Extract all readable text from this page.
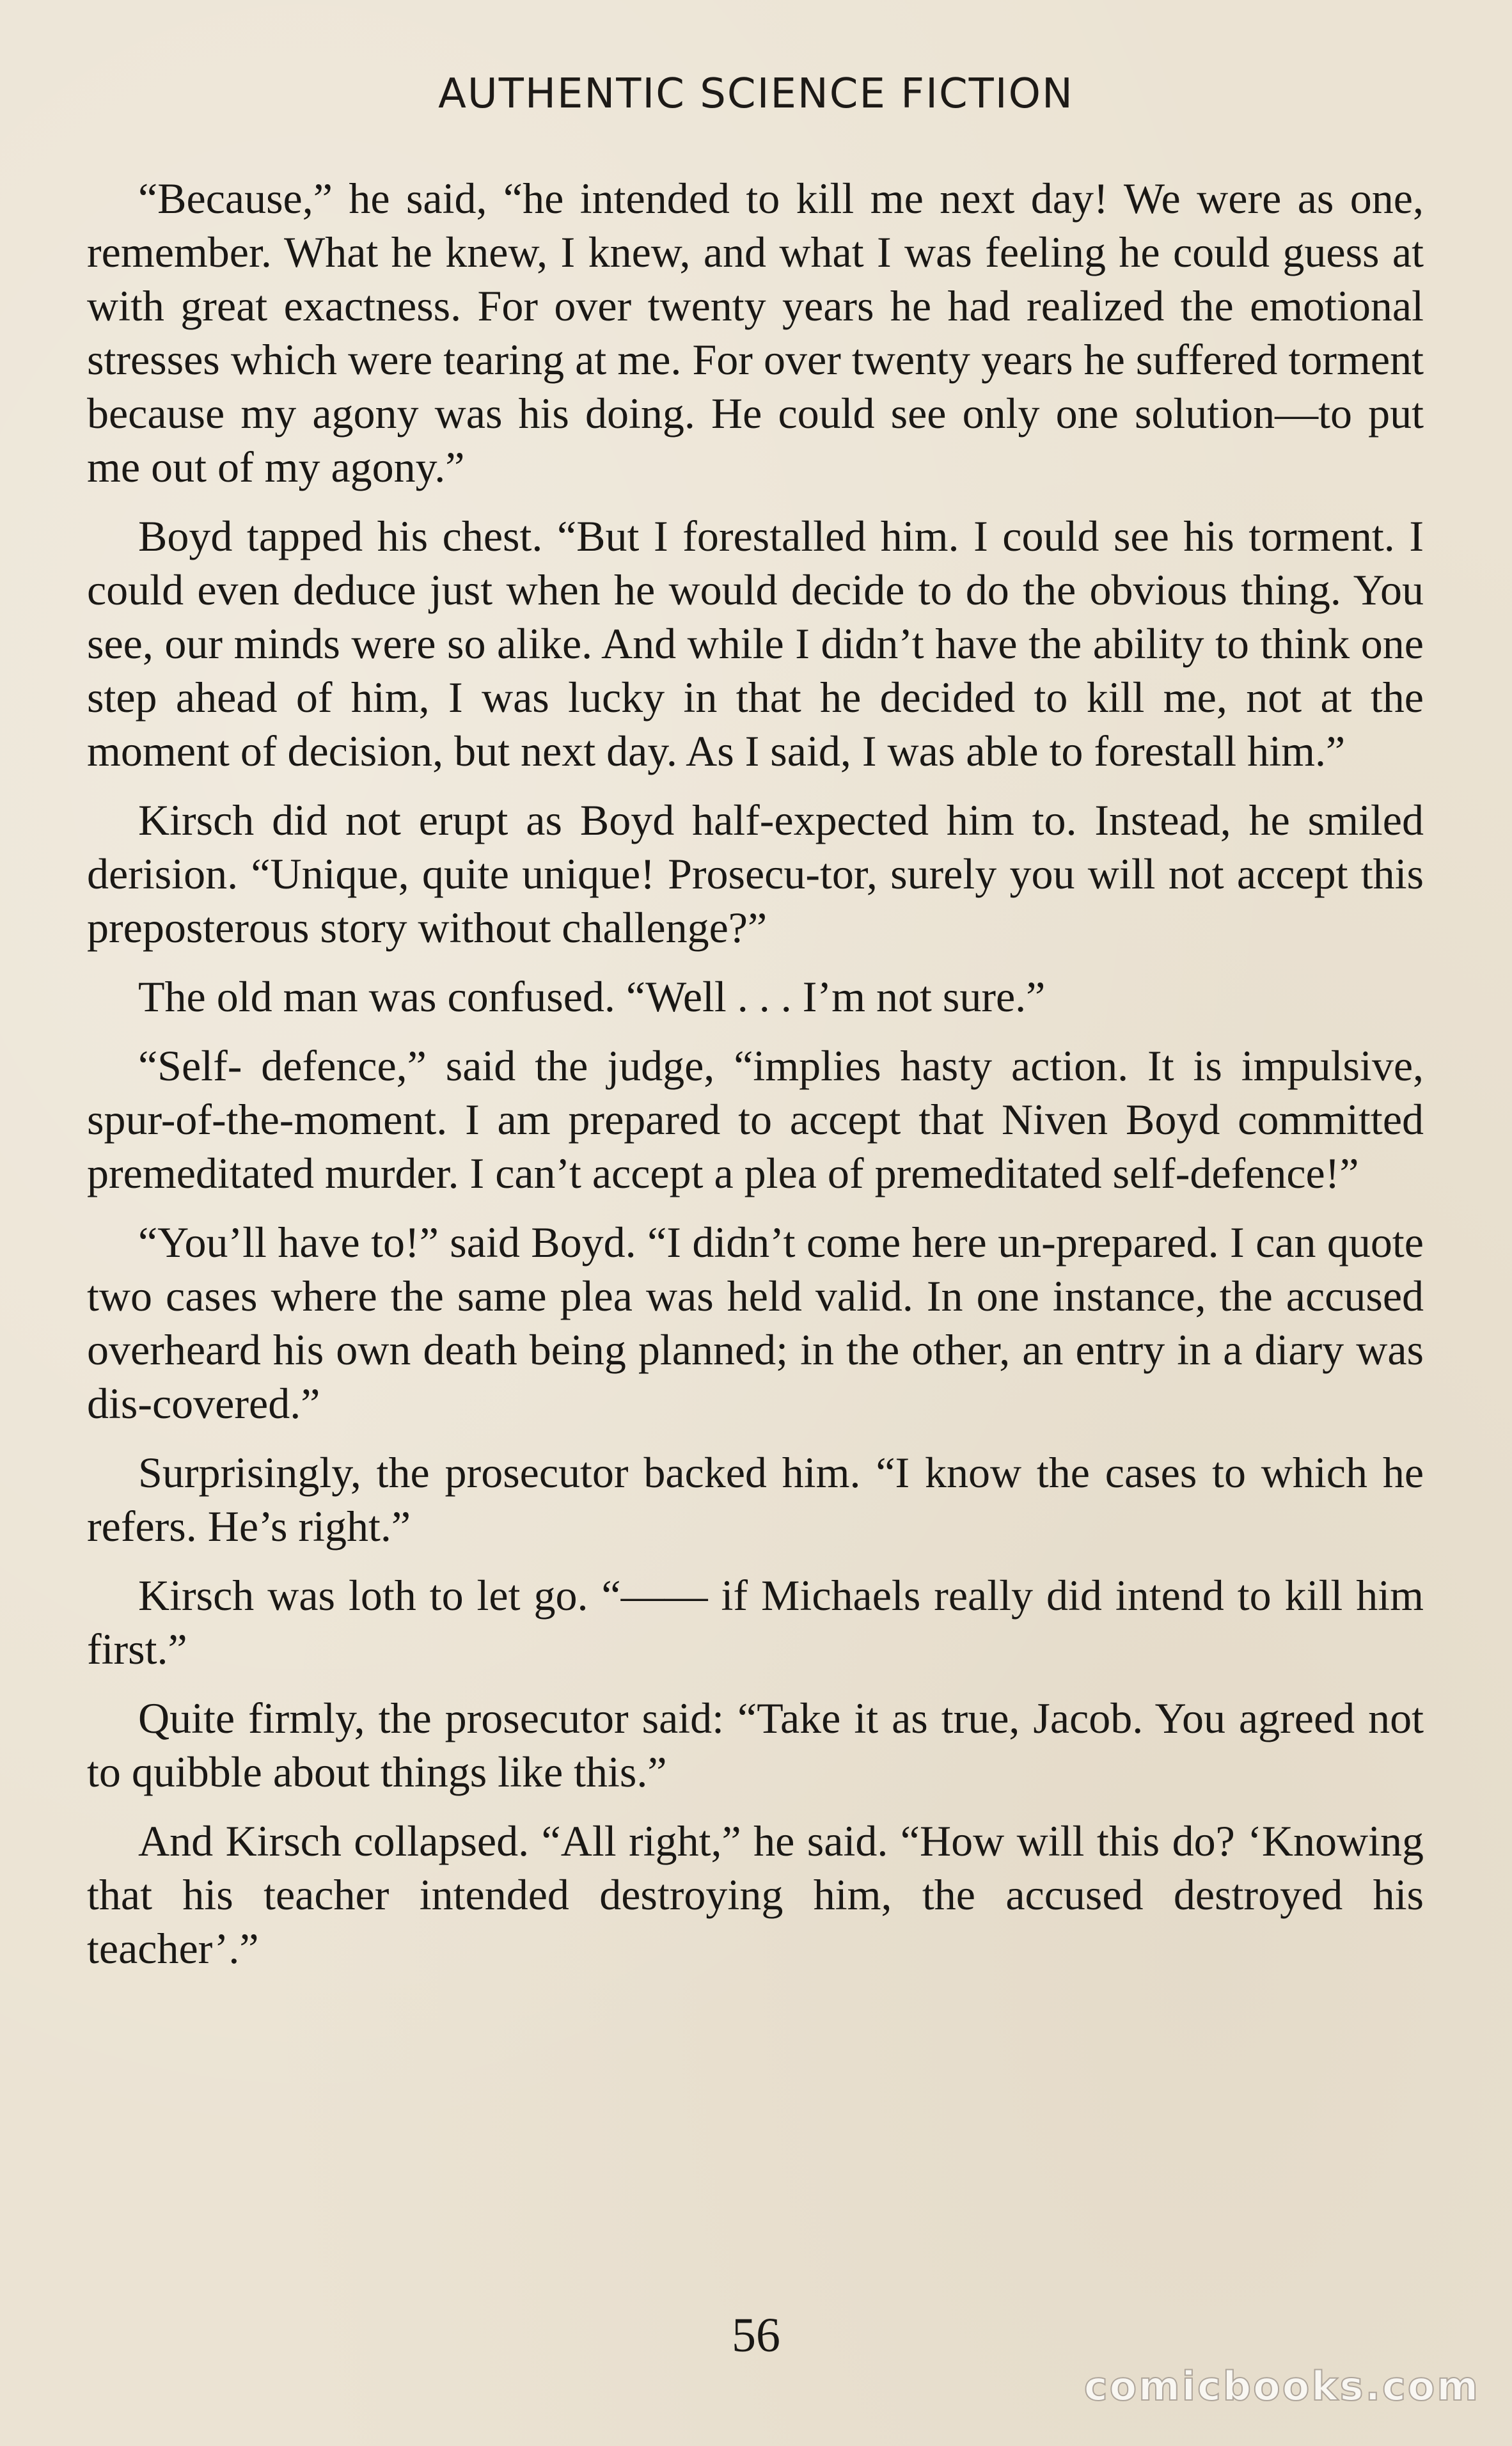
AUTHENTIC SCIENCE FICTION

“Because,” he said, “he intended to kill me next day! We were as one, remember. What he knew, I knew, and what I was feeling he could guess at with great exactness. For over twenty years he had realized the emotional stresses which were tearing at me. For over twenty years he suffered torment because my agony was his doing. He could see only one solution—to put me out of my agony.”

Boyd tapped his chest. “But I forestalled him. I could see his torment. I could even deduce just when he would decide to do the obvious thing. You see, our minds were so alike. And while I didn’t have the ability to think one step ahead of him, I was lucky in that he decided to kill me, not at the moment of decision, but next day. As I said, I was able to forestall him.”

Kirsch did not erupt as Boyd half-expected him to. Instead, he smiled derision. “Unique, quite unique! Prosecu-tor, surely you will not accept this preposterous story without challenge?”

The old man was confused. “Well . . . I’m not sure.”

“Self- defence,” said the judge, “implies hasty action. It is impulsive, spur-of-the-moment. I am prepared to accept that Niven Boyd committed premeditated murder. I can’t accept a plea of premeditated self-defence!”

“You’ll have to!” said Boyd. “I didn’t come here un-prepared. I can quote two cases where the same plea was held valid. In one instance, the accused overheard his own death being planned; in the other, an entry in a diary was dis-covered.”

Surprisingly, the prosecutor backed him. “I know the cases to which he refers. He’s right.”

Kirsch was loth to let go. “—— if Michaels really did intend to kill him first.”

Quite firmly, the prosecutor said: “Take it as true, Jacob. You agreed not to quibble about things like this.”

And Kirsch collapsed. “All right,” he said. “How will this do? ‘Knowing that his teacher intended destroying him, the accused destroyed his teacher’.”

56
comicbooks.com
